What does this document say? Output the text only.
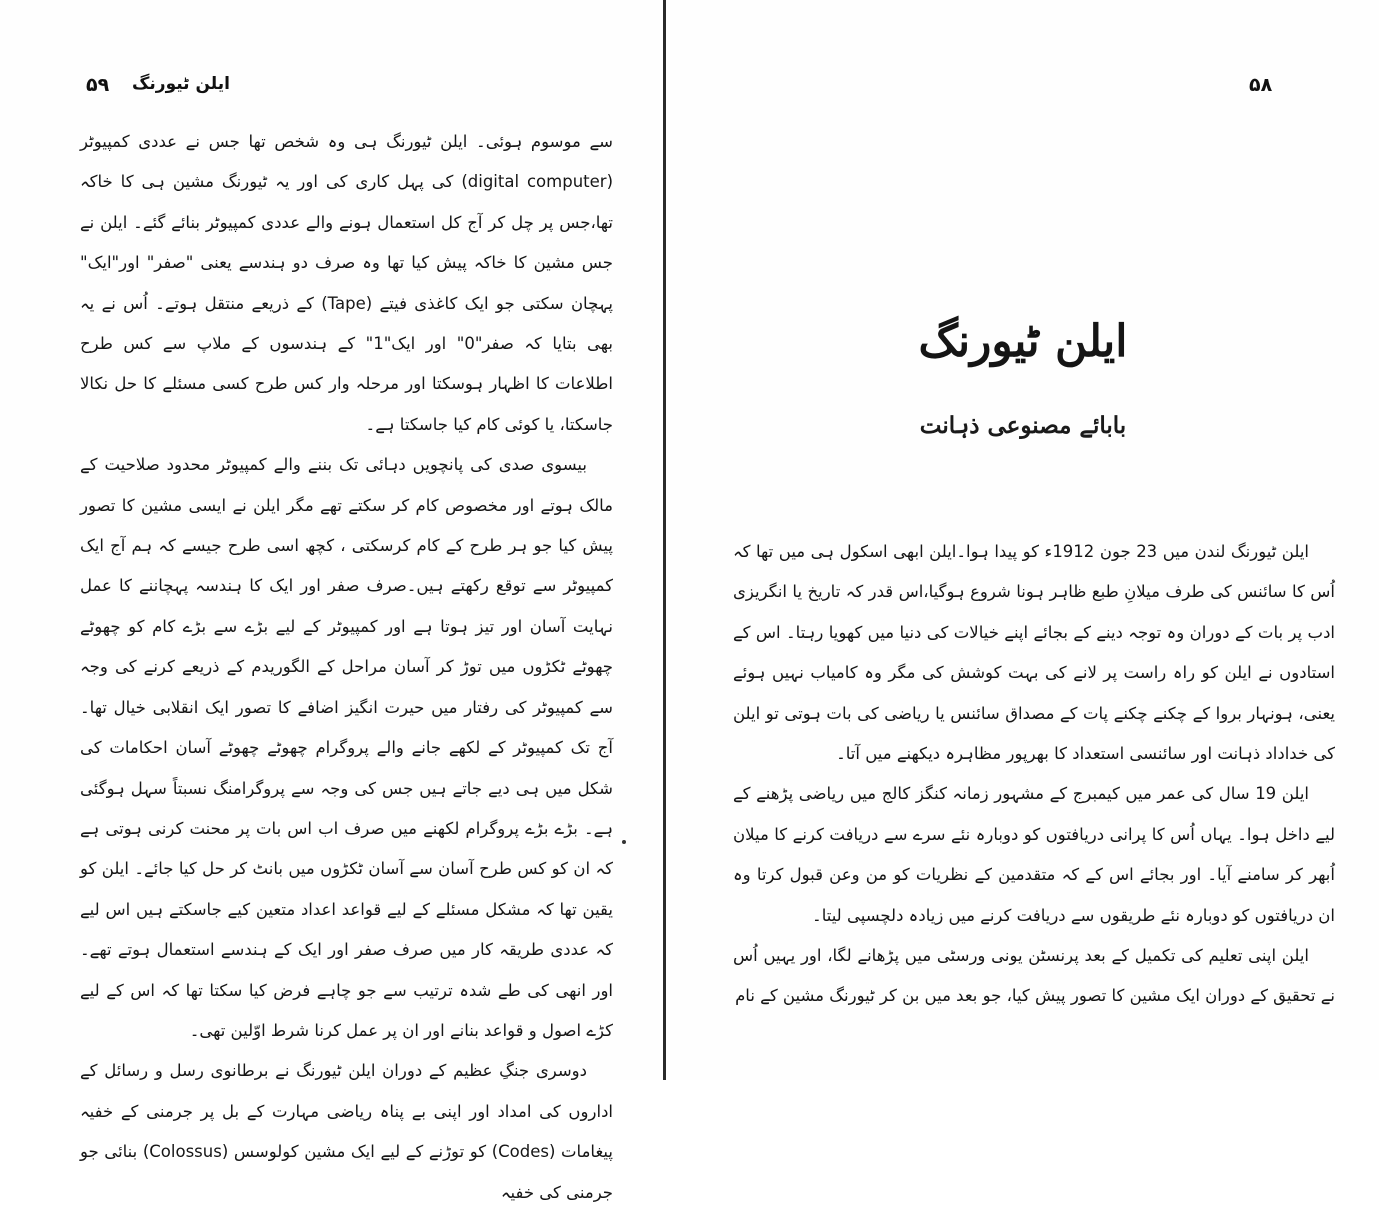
ایلن ٹیورنگ
۵۹

سے موسوم ہوئی۔ ایلن ٹیورنگ ہی وہ شخص تھا جس نے عددی کمپیوٹر (digital computer) کی پہل کاری کی اور یہ ٹیورنگ مشین ہی کا خاکہ تھا،جس پر چل کر آج کل استعمال ہونے والے عددی کمپیوٹر بنائے گئے۔ ایلن نے جس مشین کا خاکہ پیش کیا تھا وہ صرف دو ہندسے یعنی "صفر" اور"ایک" پہچان سکتی جو ایک کاغذی فیتے (Tape) کے ذریعے منتقل ہوتے۔ اُس نے یہ بھی بتایا کہ صفر"0" اور ایک"1" کے ہندسوں کے ملاپ سے کس طرح اطلاعات کا اظہار ہوسکتا اور مرحلہ وار کس طرح کسی مسئلے کا حل نکالا جاسکتا، یا کوئی کام کیا جاسکتا ہے۔

بیسوی صدی کی پانچویں دہائی تک بننے والے کمپیوٹر محدود صلاحیت کے مالک ہوتے اور مخصوص کام کر سکتے تھے مگر ایلن نے ایسی مشین کا تصور پیش کیا جو ہر طرح کے کام کرسکتی ، کچھ اسی طرح جیسے کہ ہم آج ایک کمپیوٹر سے توقع رکھتے ہیں۔صرف صفر اور ایک کا ہندسہ پہچاننے کا عمل نہایت آسان اور تیز ہوتا ہے اور کمپیوٹر کے لیے بڑے سے بڑے کام کو چھوٹے چھوٹے ٹکڑوں میں توڑ کر آسان مراحل کے الگوریدم کے ذریعے کرنے کی وجہ سے کمپیوٹر کی رفتار میں حیرت انگیز اضافے کا تصور ایک انقلابی خیال تھا۔ آج تک کمپیوٹر کے لکھے جانے والے پروگرام چھوٹے چھوٹے آسان احکامات کی شکل میں ہی دیے جاتے ہیں جس کی وجہ سے پروگرامنگ نسبتاً سہل ہوگئی ہے۔ بڑے بڑے پروگرام لکھنے میں صرف اب اس بات پر محنت کرنی ہوتی ہے کہ ان کو کس طرح آسان سے آسان ٹکڑوں میں بانٹ کر حل کیا جائے۔ ایلن کو یقین تھا کہ مشکل مسئلے کے لیے قواعد اعداد متعین کیے جاسکتے ہیں اس لیے کہ عددی طریقہ کار میں صرف صفر اور ایک کے ہندسے استعمال ہوتے تھے۔ اور انھی کی طے شدہ ترتیب سے جو چاہے فرض کیا سکتا تھا کہ اس کے لیے کڑے اصول و قواعد بنانے اور ان پر عمل کرنا شرط اوّلین تھی۔

دوسری جنگِ عظیم کے دوران ایلن ٹیورنگ نے برطانوی رسل و رسائل کے اداروں کی امداد اور اپنی بے پناہ ریاضی مہارت کے بل پر جرمنی کے خفیہ پیغامات (Codes) کو توڑنے کے لیے ایک مشین کولوسس (Colossus) بنائی جو جرمنی کی خفیہ

۵۸
ایلن ٹیورنگ
بابائے مصنوعی ذہانت

ایلن ٹیورنگ لندن میں 23 جون 1912ء کو پیدا ہوا۔ایلن ابھی اسکول ہی میں تھا کہ اُس کا سائنس کی طرف میلانِ طبع ظاہر ہونا شروع ہوگیا،اس قدر کہ تاریخ یا انگریزی ادب پر بات کے دوران وہ توجہ دینے کے بجائے اپنے خیالات کی دنیا میں کھویا رہتا۔ اس کے استادوں نے ایلن کو راہ راست پر لانے کی بہت کوشش کی مگر وہ کامیاب نہیں ہوئے یعنی، ہونہار بروا کے چکنے چکنے پات کے مصداق سائنس یا ریاضی کی بات ہوتی تو ایلن کی خداداد ذہانت اور سائنسی استعداد کا بھرپور مظاہرہ دیکھنے میں آتا۔

ایلن 19 سال کی عمر میں کیمبرج کے مشہور زمانہ کنگز کالج میں ریاضی پڑھنے کے لیے داخل ہوا۔ یہاں اُس کا پرانی دریافتوں کو دوبارہ نئے سرے سے دریافت کرنے کا میلان اُبھر کر سامنے آیا۔ اور بجائے اس کے کہ متقدمین کے نظریات کو من وعن قبول کرتا وہ ان دریافتوں کو دوبارہ نئے طریقوں سے دریافت کرنے میں زیادہ دلچسپی لیتا۔

ایلن اپنی تعلیم کی تکمیل کے بعد پرنسٹن یونی ورسٹی میں پڑھانے لگا، اور یہیں اُس نے تحقیق کے دوران ایک مشین کا تصور پیش کیا، جو بعد میں بن کر ٹیورنگ مشین کے نام
